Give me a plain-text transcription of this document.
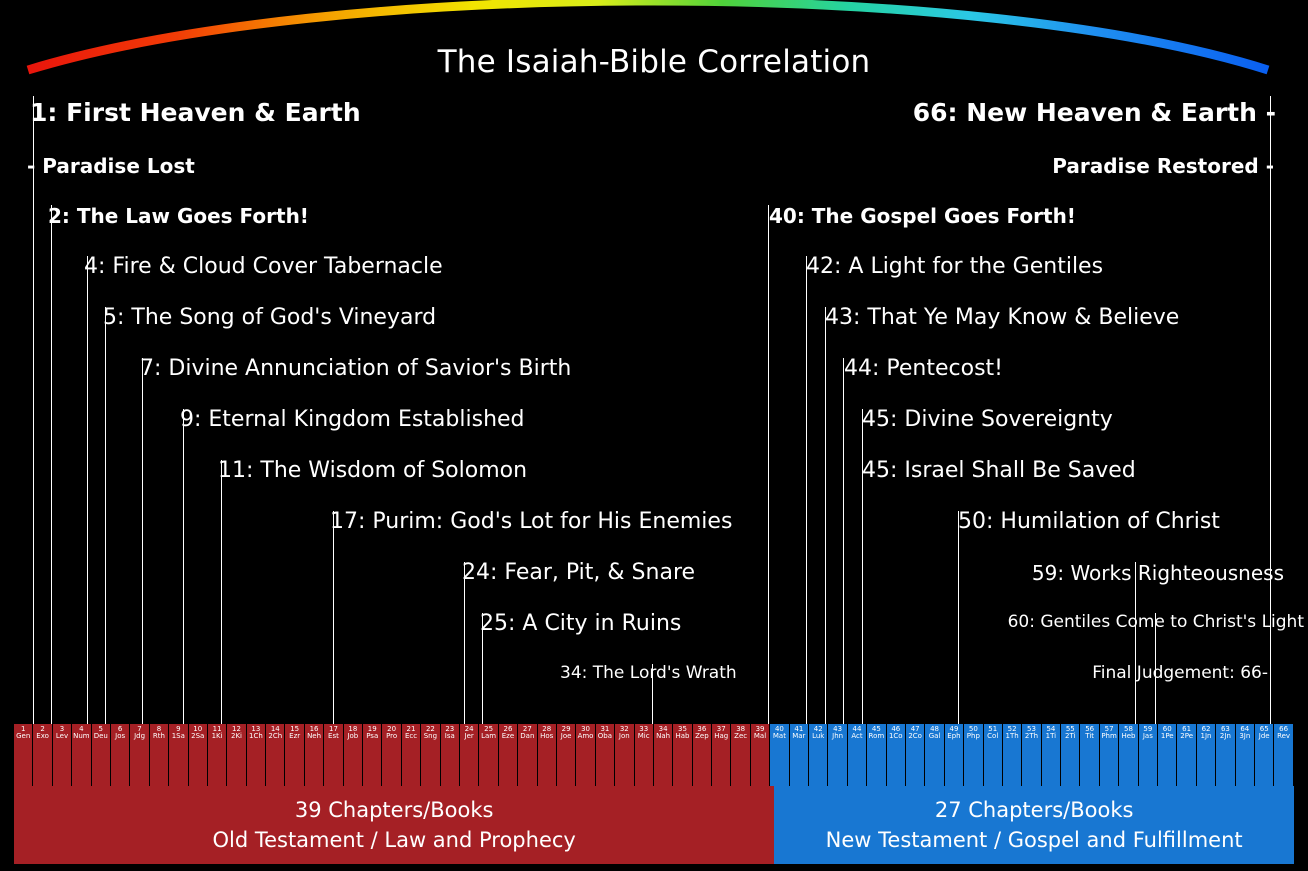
The Isaiah-Bible Correlation
1: First Heaven & Earth
- Paradise Lost
2: The Law Goes Forth!
4: Fire & Cloud Cover Tabernacle
5: The Song of God's Vineyard
7: Divine Annunciation of Savior's Birth
9: Eternal Kingdom Established
11: The Wisdom of Solomon
17: Purim: God's Lot for His Enemies
24: Fear, Pit, & Snare
25: A City in Ruins
34: The Lord's Wrath
66: New Heaven & Earth -
Paradise Restored -
40: The Gospel Goes Forth!
42: A Light for the Gentiles
43: That Ye May Know & Believe
44: Pentecost!
45: Divine Sovereignty
45: Israel Shall Be Saved
50: Humilation of Christ
59: Works Righteousness
60: Gentiles Come to Christ's Light
Final Judgement: 66-
1
Gen
2
Exo
3
Lev
4
Num
5
Deu
6
Jos
7
Jdg
8
Rth
9
1Sa
10
2Sa
11
1Ki
12
2Ki
13
1Ch
14
2Ch
15
Ezr
16
Neh
17
Est
18
Job
19
Psa
20
Pro
21
Ecc
22
Sng
23
Isa
24
Jer
25
Lam
26
Eze
27
Dan
28
Hos
29
Joe
30
Amo
31
Oba
32
Jon
33
Mic
34
Nah
35
Hab
36
Zep
37
Hag
38
Zec
39
Mal
40
Mat
41
Mar
42
Luk
43
Jhn
44
Act
45
Rom
46
1Co
47
2Co
48
Gal
49
Eph
50
Php
51
Col
52
1Th
53
2Th
54
1Ti
55
2Ti
56
Tit
57
Phm
58
Heb
59
Jas
60
1Pe
61
2Pe
62
1Jn
63
2Jn
64
3Jn
65
Jde
66
Rev
39 Chapters/Books
Old Testament / Law and Prophecy
27 Chapters/Books
New Testament / Gospel and Fulfillment
